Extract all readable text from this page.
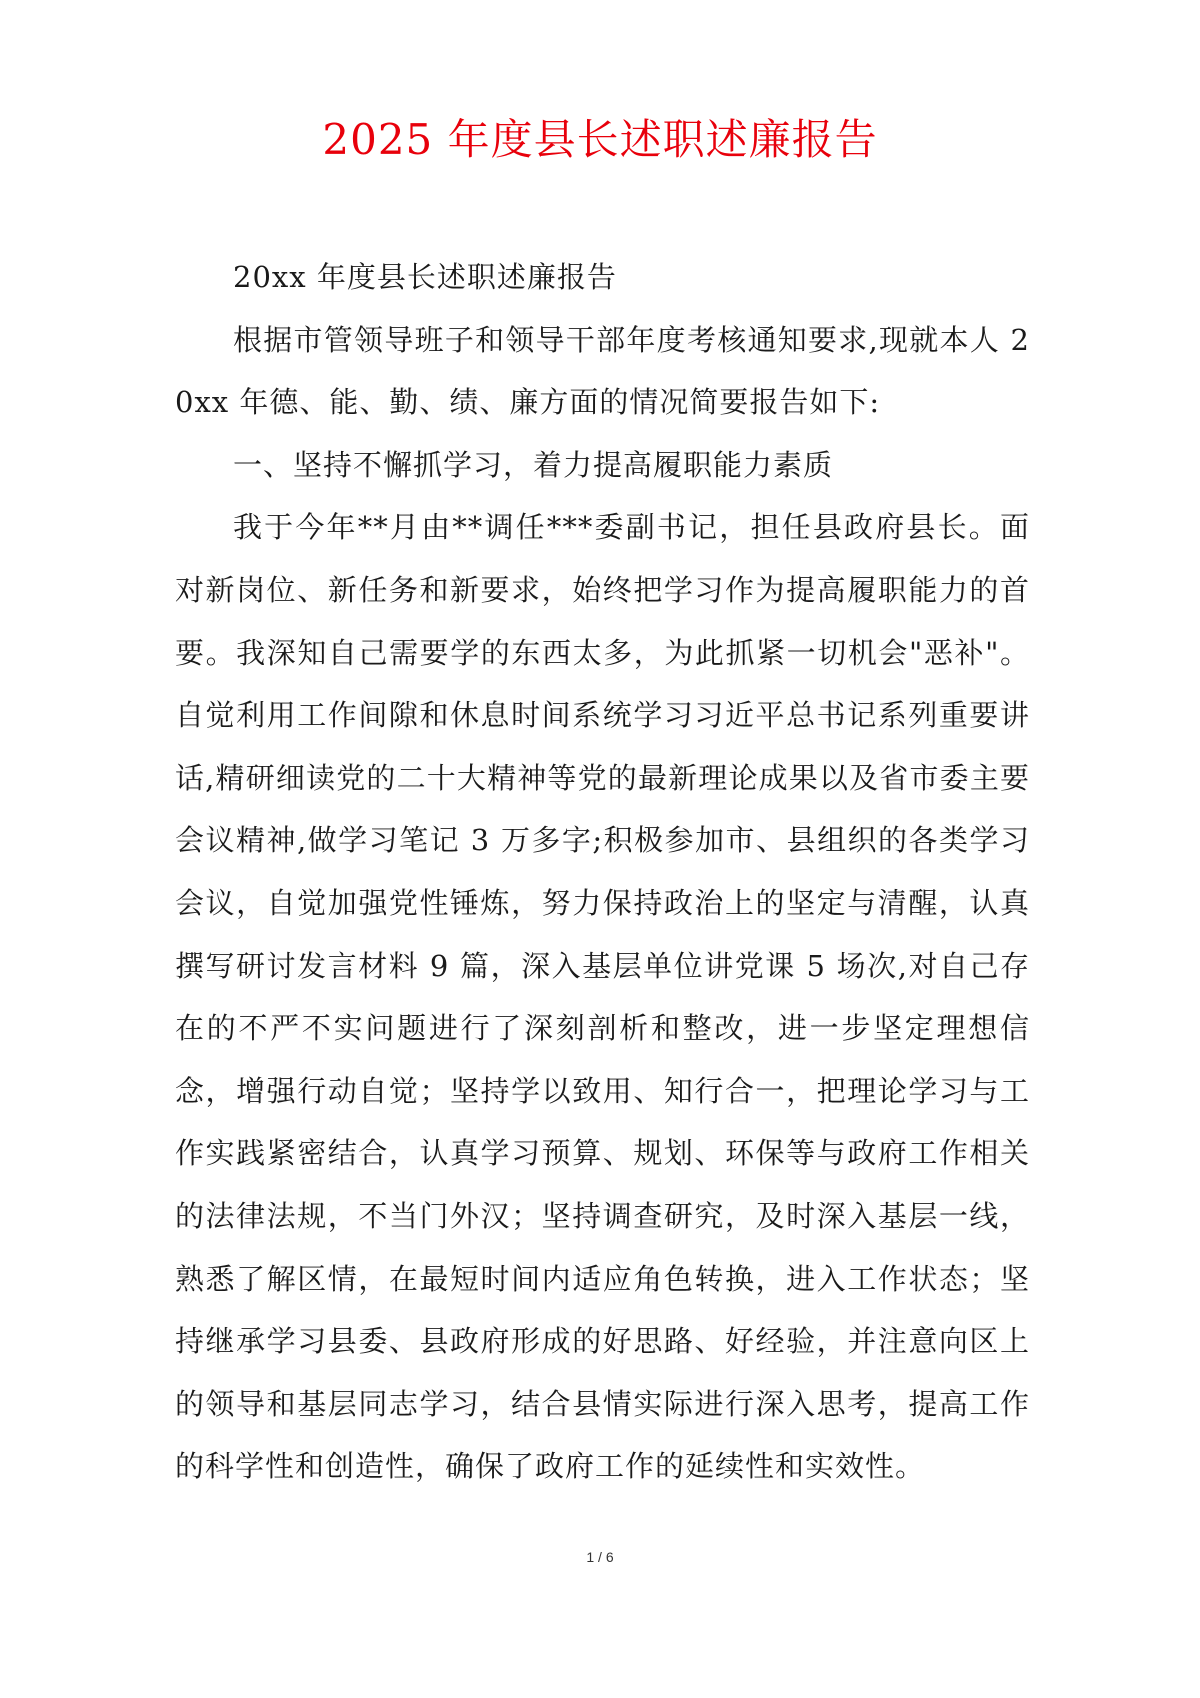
2025 年度县长述职述廉报告

20xx 年度县长述职述廉报告

根据市管领导班子和领导干部年度考核通知要求,现就本人 20xx 年德、能、勤、绩、廉方面的情况简要报告如下:

一、坚持不懈抓学习，着力提高履职能力素质

我于今年**月由**调任***委副书记，担任县政府县长。面对新岗位、新任务和新要求，始终把学习作为提高履职能力的首要。我深知自己需要学的东西太多，为此抓紧一切机会"恶补"。自觉利用工作间隙和休息时间系统学习习近平总书记系列重要讲话,精研细读党的二十大精神等党的最新理论成果以及省市委主要会议精神,做学习笔记 3 万多字;积极参加市、县组织的各类学习会议，自觉加强党性锤炼，努力保持政治上的坚定与清醒，认真撰写研讨发言材料 9 篇，深入基层单位讲党课 5 场次,对自己存在的不严不实问题进行了深刻剖析和整改，进一步坚定理想信念，增强行动自觉；坚持学以致用、知行合一，把理论学习与工作实践紧密结合，认真学习预算、规划、环保等与政府工作相关的法律法规，不当门外汉；坚持调查研究，及时深入基层一线，熟悉了解区情，在最短时间内适应角色转换，进入工作状态；坚持继承学习县委、县政府形成的好思路、好经验，并注意向区上的领导和基层同志学习，结合县情实际进行深入思考，提高工作的科学性和创造性，确保了政府工作的延续性和实效性。

1 / 6
